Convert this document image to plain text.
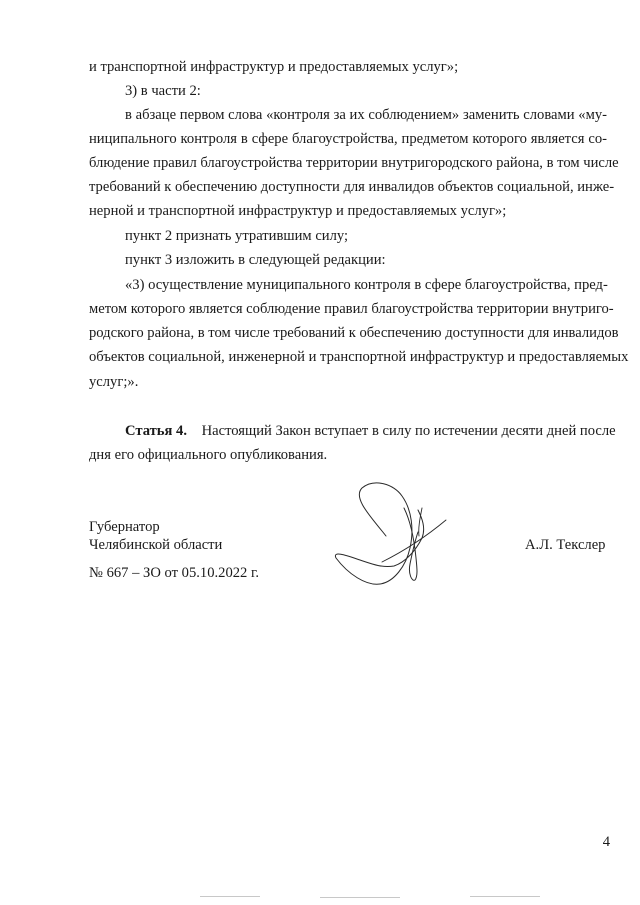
и транспортной инфраструктур и предоставляемых услуг»;
3) в части 2:
в абзаце первом слова «контроля за их соблюдением» заменить словами «му-
ниципального контроля в сфере благоустройства, предметом которого является со-
блюдение правил благоустройства территории внутригородского района, в том числе
требований к обеспечению доступности для инвалидов объектов социальной, инже-
нерной и транспортной инфраструктур и предоставляемых услуг»;
пункт 2 признать утратившим силу;
пункт 3 изложить в следующей редакции:
«3) осуществление муниципального контроля в сфере благоустройства, пред-
метом которого является соблюдение правил благоустройства территории внутриго-
родского района, в том числе требований к обеспечению доступности для инвалидов
объектов социальной, инженерной и транспортной инфраструктур и предоставляемых
услуг;».
Статья 4. Настоящий Закон вступает в силу по истечении десяти дней после
дня его официального опубликования.
Губернатор
Челябинской области	А.Л. Текслер
№ 667 – ЗО от 05.10.2022 г.
4
